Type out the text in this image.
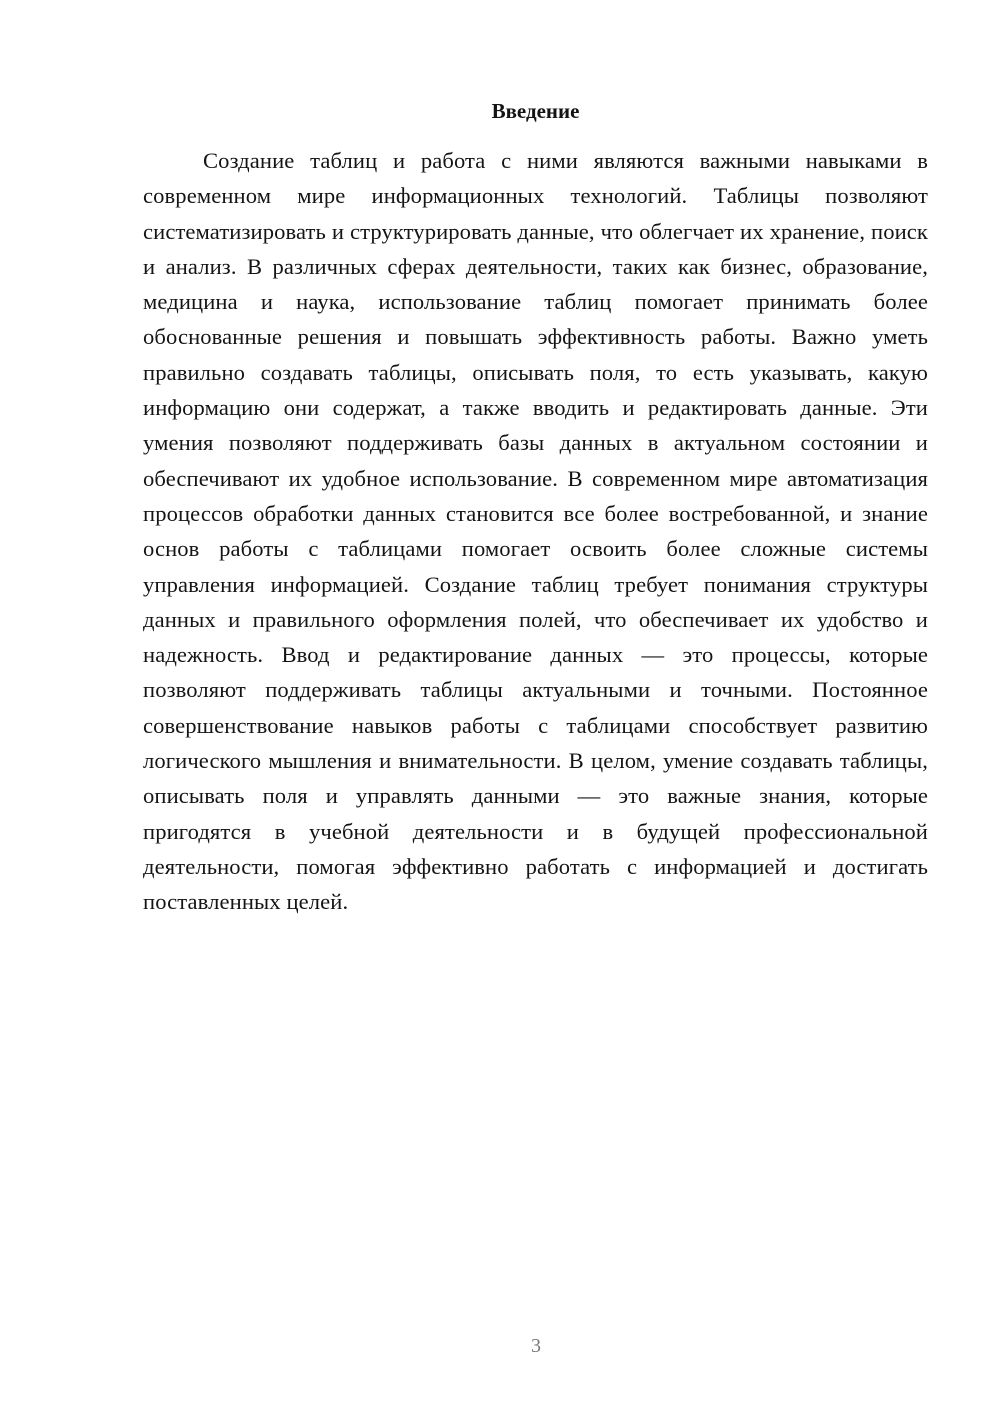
Введение

Создание таблиц и работа с ними являются важными навыками в современном мире информационных технологий. Таблицы позволяют систематизировать и структурировать данные, что облегчает их хранение, поиск и анализ. В различных сферах деятельности, таких как бизнес, образование, медицина и наука, использование таблиц помогает принимать более обоснованные решения и повышать эффективность работы. Важно уметь правильно создавать таблицы, описывать поля, то есть указывать, какую информацию они содержат, а также вводить и редактировать данные. Эти умения позволяют поддерживать базы данных в актуальном состоянии и обеспечивают их удобное использование. В современном мире автоматизация процессов обработки данных становится все более востребованной, и знание основ работы с таблицами помогает освоить более сложные системы управления информацией. Создание таблиц требует понимания структуры данных и правильного оформления полей, что обеспечивает их удобство и надежность. Ввод и редактирование данных — это процессы, которые позволяют поддерживать таблицы актуальными и точными. Постоянное совершенствование навыков работы с таблицами способствует развитию логического мышления и внимательности. В целом, умение создавать таблицы, описывать поля и управлять данными — это важные знания, которые пригодятся в учебной деятельности и в будущей профессиональной деятельности, помогая эффективно работать с информацией и достигать поставленных целей.

3
